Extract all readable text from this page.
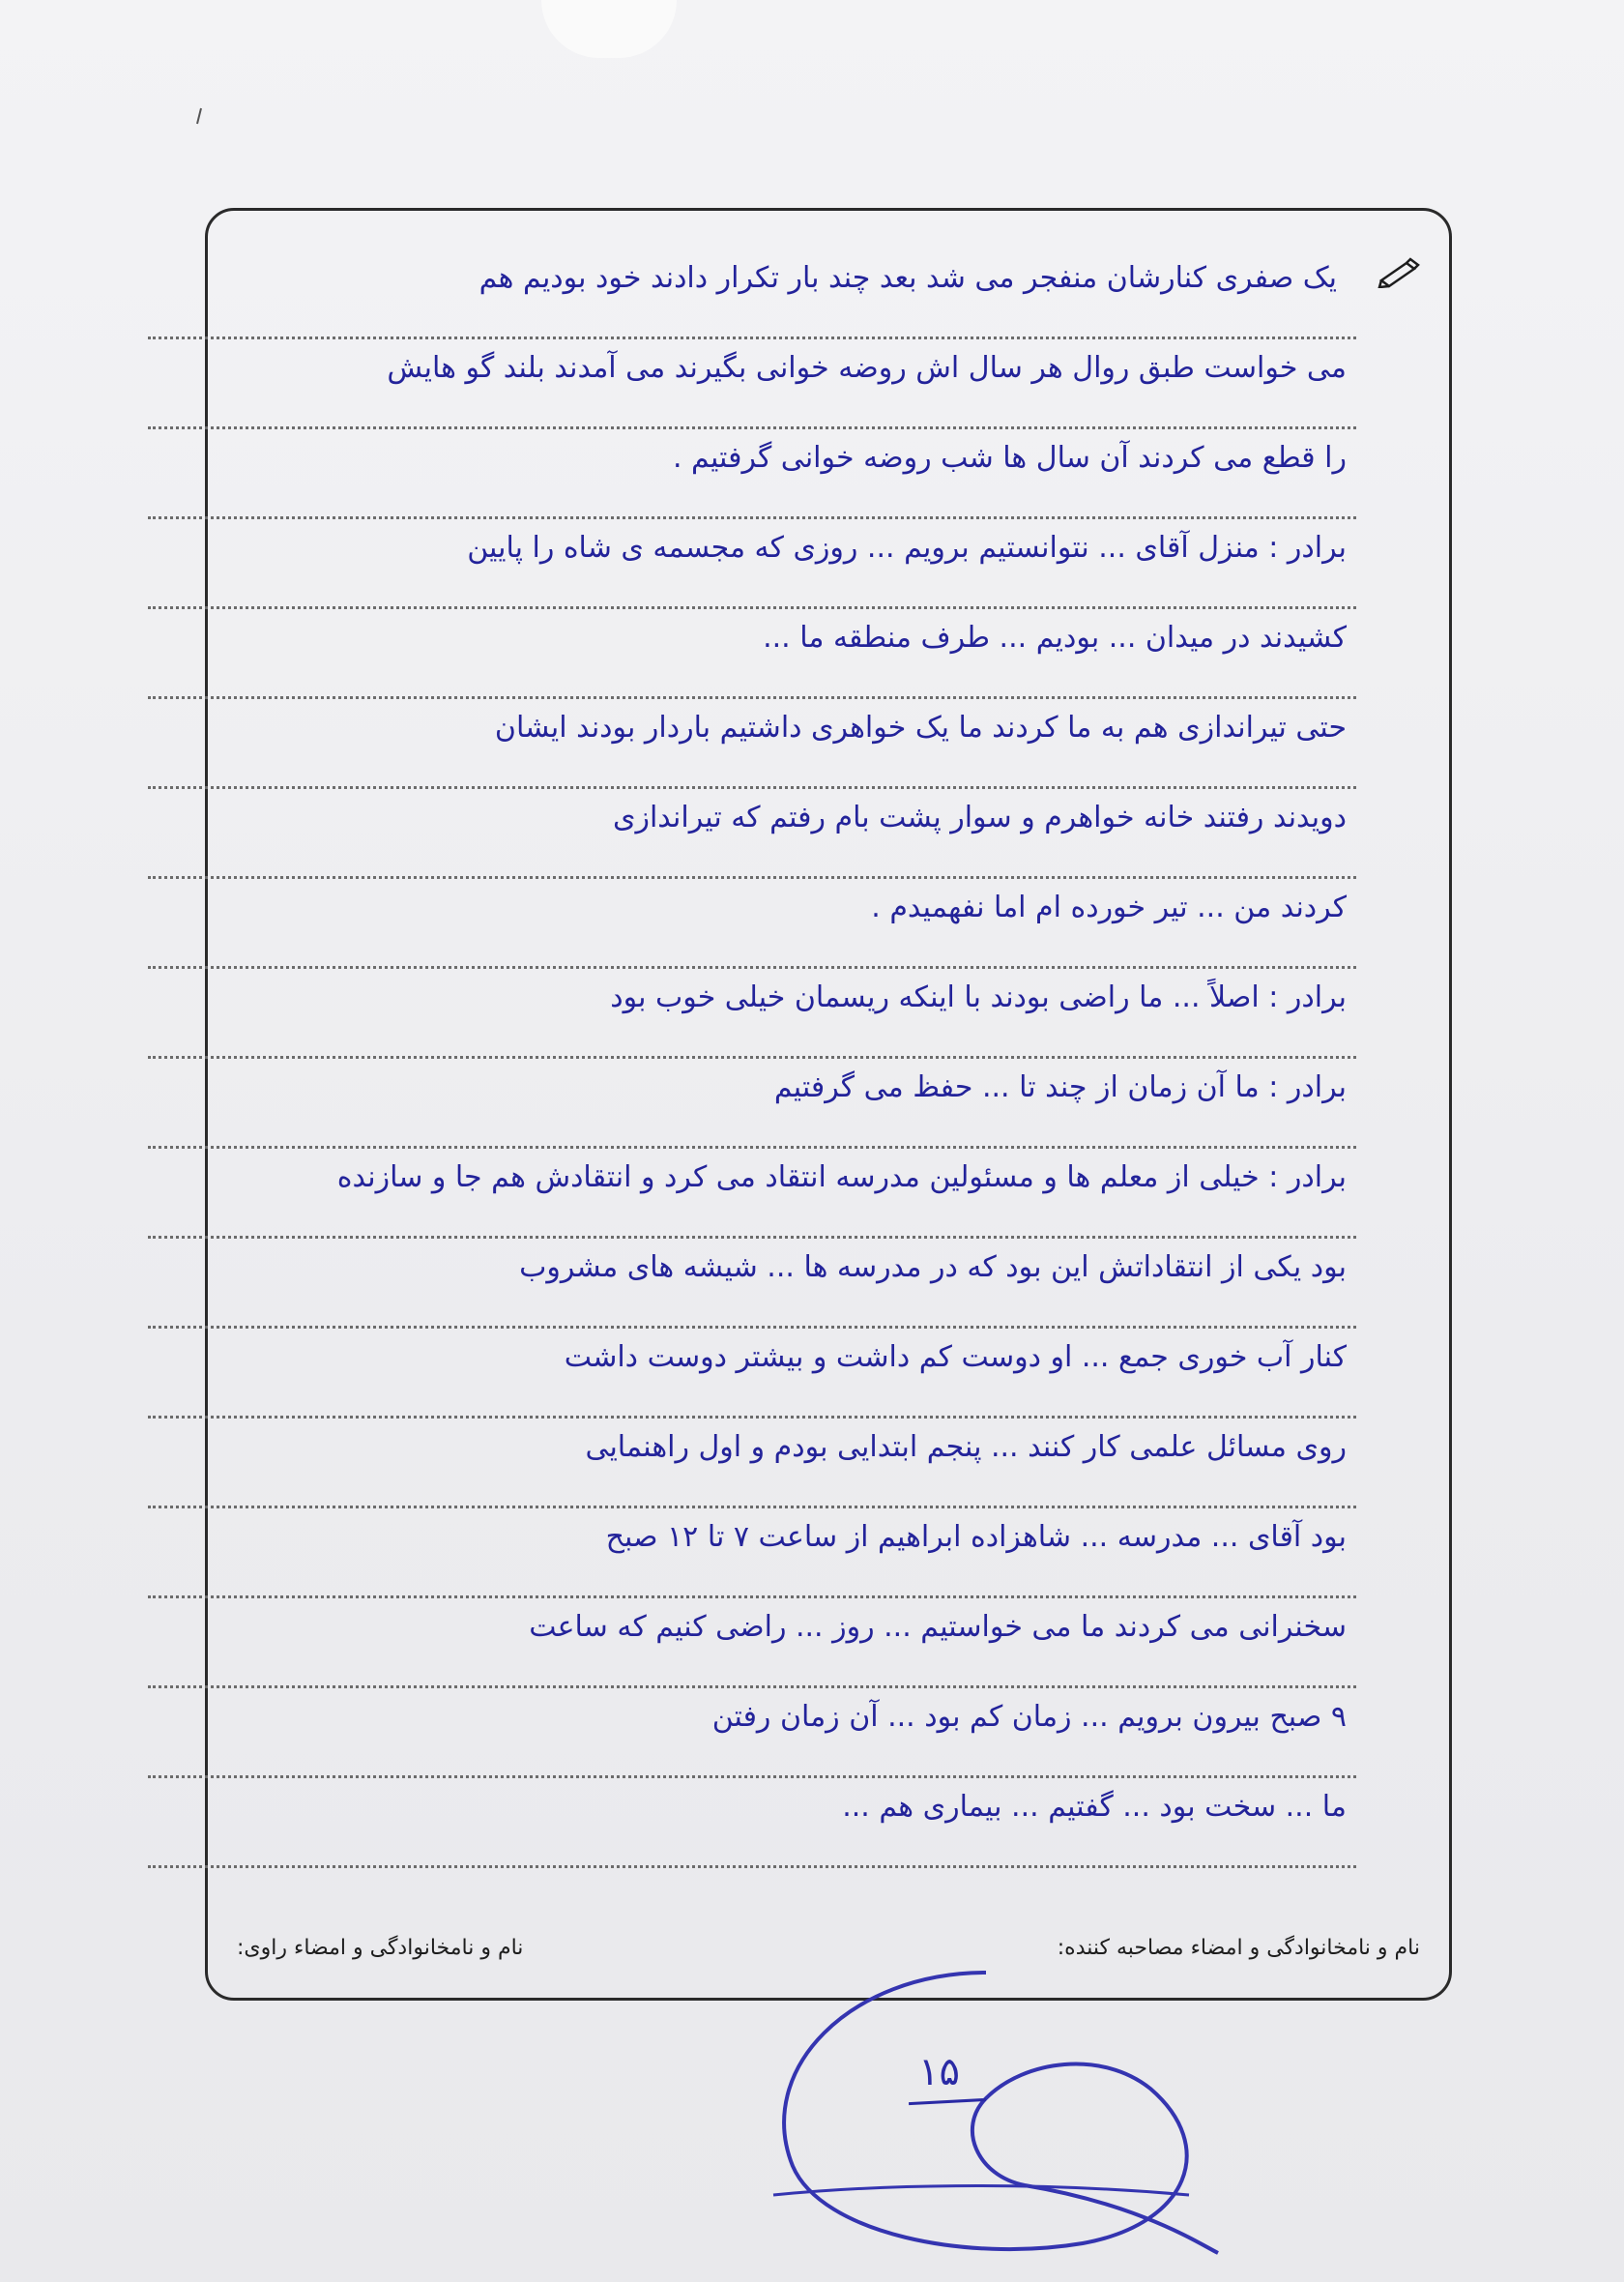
یک صفری کنارشان منفجر می شد بعد چند بار تکرار دادند خود بودیم هم
می خواست طبق روال هر سال اش روضه خوانی بگیرند می آمدند بلند گو هایش
را قطع می کردند آن سال ها شب روضه خوانی گرفتیم .
برادر : منزل آقای ... نتوانستیم برویم ... روزی که مجسمه ی شاه را پایین
کشیدند در میدان ... بودیم ... طرف منطقه ما ...
حتی تیراندازی هم به ما کردند ما یک خواهری داشتیم باردار بودند ایشان
دویدند رفتند خانه خواهرم و سوار پشت بام رفتم که تیراندازی
کردند من ... تیر خورده ام اما نفهمیدم .
برادر : اصلاً ... ما راضی بودند با اینکه ریسمان خیلی خوب بود
برادر : ما آن زمان از چند تا ... حفظ می گرفتیم
برادر : خیلی از معلم ها و مسئولین مدرسه انتقاد می کرد و انتقادش هم جا و سازنده
بود یکی از انتقاداتش این بود که در مدرسه ها ... شیشه های مشروب
کنار آب خوری جمع ... او دوست کم داشت و بیشتر دوست داشت
روی مسائل علمی کار کنند ... پنجم ابتدایی بودم و اول راهنمایی
بود آقای ... مدرسه ... شاهزاده ابراهیم از ساعت ۷ تا ۱۲ صبح
سخنرانی می کردند ما می خواستیم ... روز ... راضی کنیم که ساعت
۹ صبح بیرون برویم ... زمان کم بود ... آن زمان رفتن
ما ... سخت بود ... گفتیم ... بیماری هم ...
نام و نامخانوادگی و امضاء مصاحبه کننده:
نام و نامخانوادگی و امضاء راوی:
۱۵
